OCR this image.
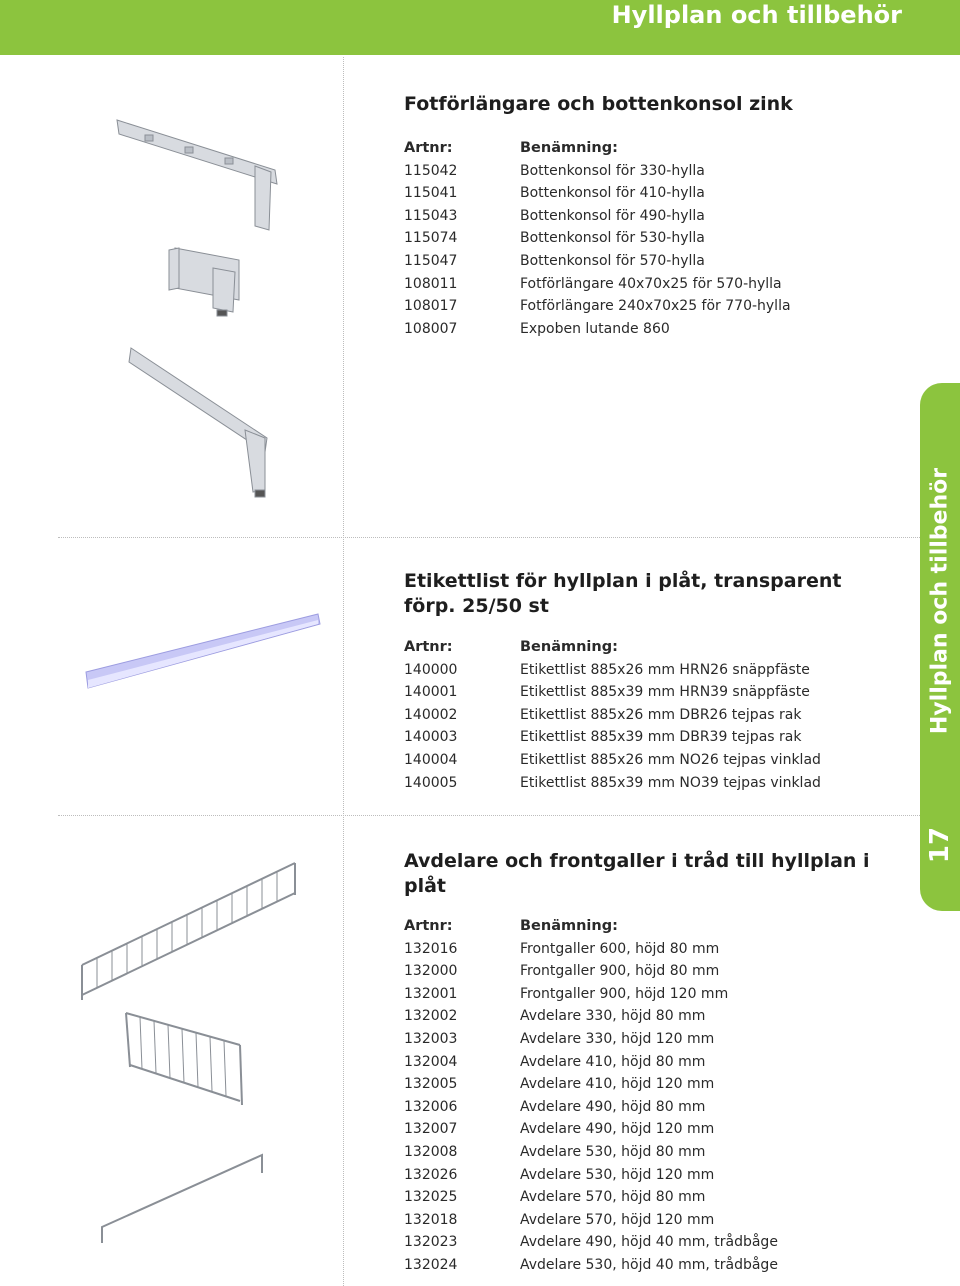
Hyllplan och tillbehör
Fotförlängare och bottenkonsol zink
Artnr:	Benämning:
115042	Bottenkonsol för 330-hylla
115041	Bottenkonsol för 410-hylla
115043	Bottenkonsol för 490-hylla
115074	Bottenkonsol för 530-hylla
115047	Bottenkonsol för 570-hylla
108011	Fotförlängare 40x70x25 för 570-hylla
108017	Fotförlängare 240x70x25 för 770-hylla
108007	Expoben lutande 860
Etikettlist för hyllplan i plåt, transparent
förp. 25/50 st
Artnr:	Benämning:
140000	Etikettlist 885x26 mm HRN26 snäppfäste
140001	Etikettlist 885x39 mm HRN39 snäppfäste
140002	Etikettlist 885x26 mm DBR26 tejpas rak
140003	Etikettlist 885x39 mm DBR39 tejpas rak
140004	Etikettlist 885x26 mm NO26 tejpas vinklad
140005	Etikettlist 885x39 mm NO39 tejpas vinklad
Avdelare och frontgaller i tråd till hyllplan i plåt
Artnr:	Benämning:
132016	Frontgaller 600, höjd 80 mm
132000	Frontgaller 900, höjd 80 mm
132001	Frontgaller 900, höjd 120 mm
132002	Avdelare 330, höjd 80 mm
132003	Avdelare 330, höjd 120 mm
132004	Avdelare 410, höjd 80 mm
132005	Avdelare 410, höjd 120 mm
132006	Avdelare 490, höjd 80 mm
132007	Avdelare 490, höjd 120 mm
132008	Avdelare 530, höjd 80 mm
132026	Avdelare 530, höjd 120 mm
132025	Avdelare 570, höjd 80 mm
132018	Avdelare 570, höjd 120 mm
132023	Avdelare 490, höjd 40 mm, trådbåge
132024	Avdelare 530, höjd 40 mm, trådbåge
Hyllplan och tillbehör
17
